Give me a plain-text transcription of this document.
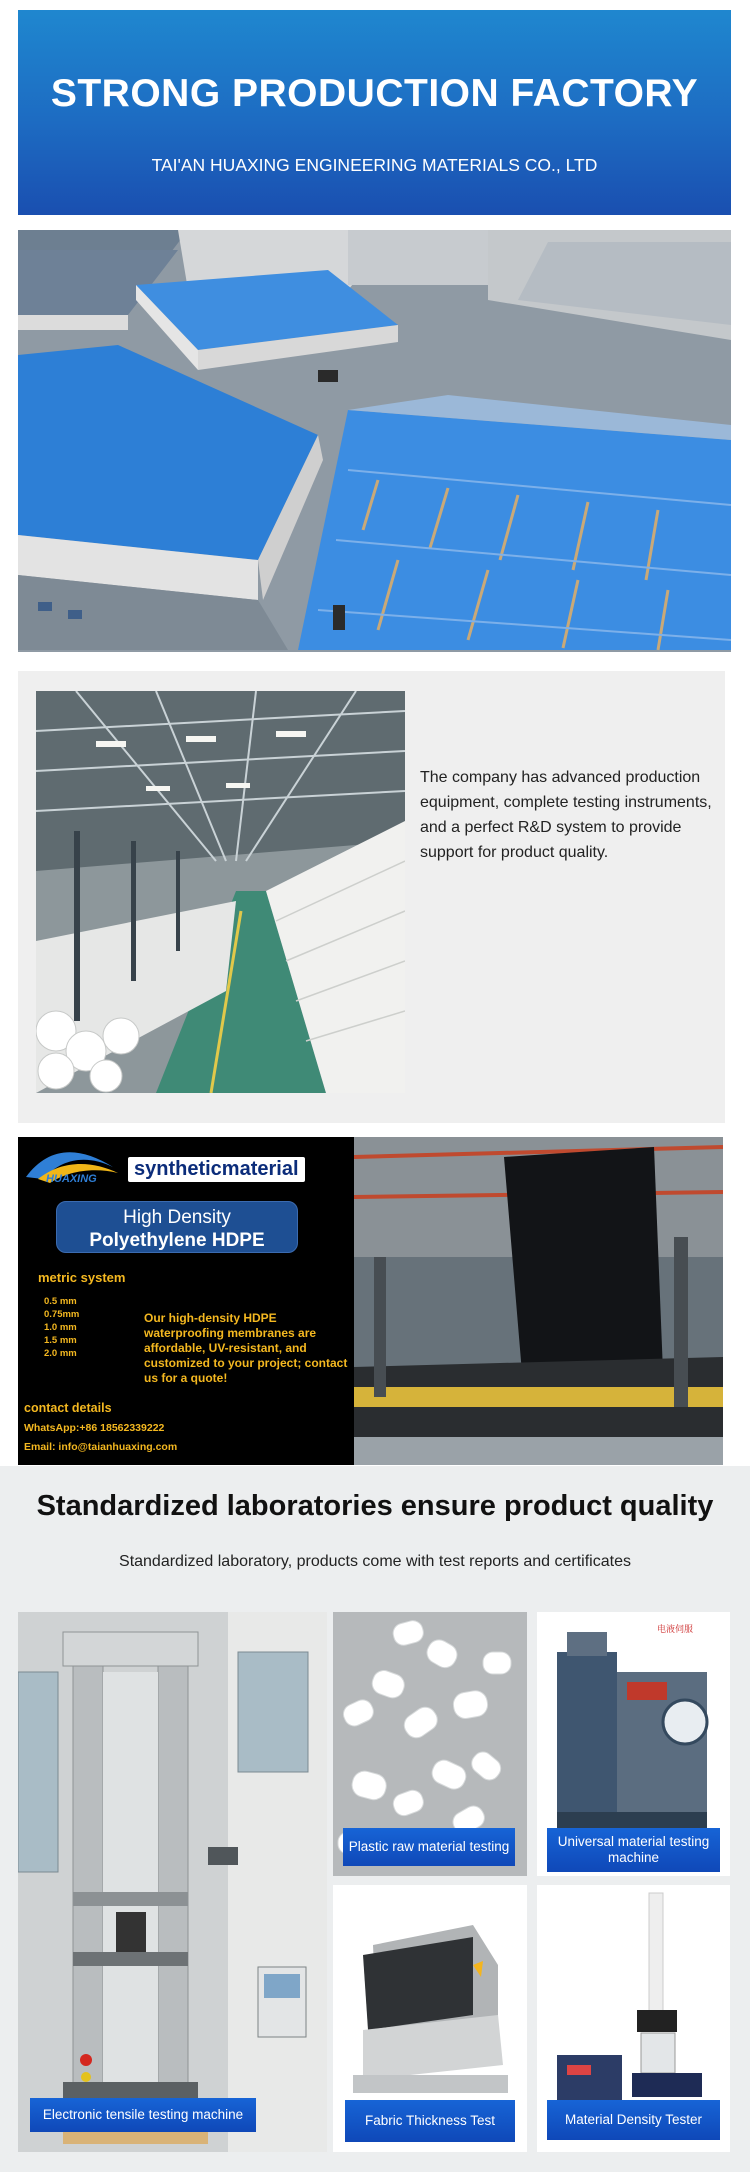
STRONG PRODUCTION FACTORY
TAI'AN HUAXING ENGINEERING MATERIALS CO., LTD
The company has advanced production equipment, complete testing instruments, and a perfect R&D system to provide support for product quality.
HUAXING	syntheticmaterial
High Density
Polyethylene HDPE
metric system
0.5 mm
0.75mm
1.0 mm
1.5 mm
2.0 mm
Our high-density HDPE waterproofing membranes are affordable, UV-resistant, and customized to your project; contact us for a quote!
contact details
WhatsApp:+86 18562339222
Email: info@taianhuaxing.com
Standardized laboratories ensure product quality
Standardized laboratory, products come with test reports and certificates
Electronic tensile testing machine
Plastic raw material testing
电液伺服
Universal material testing machine
Fabric Thickness Test	Material Density Tester
